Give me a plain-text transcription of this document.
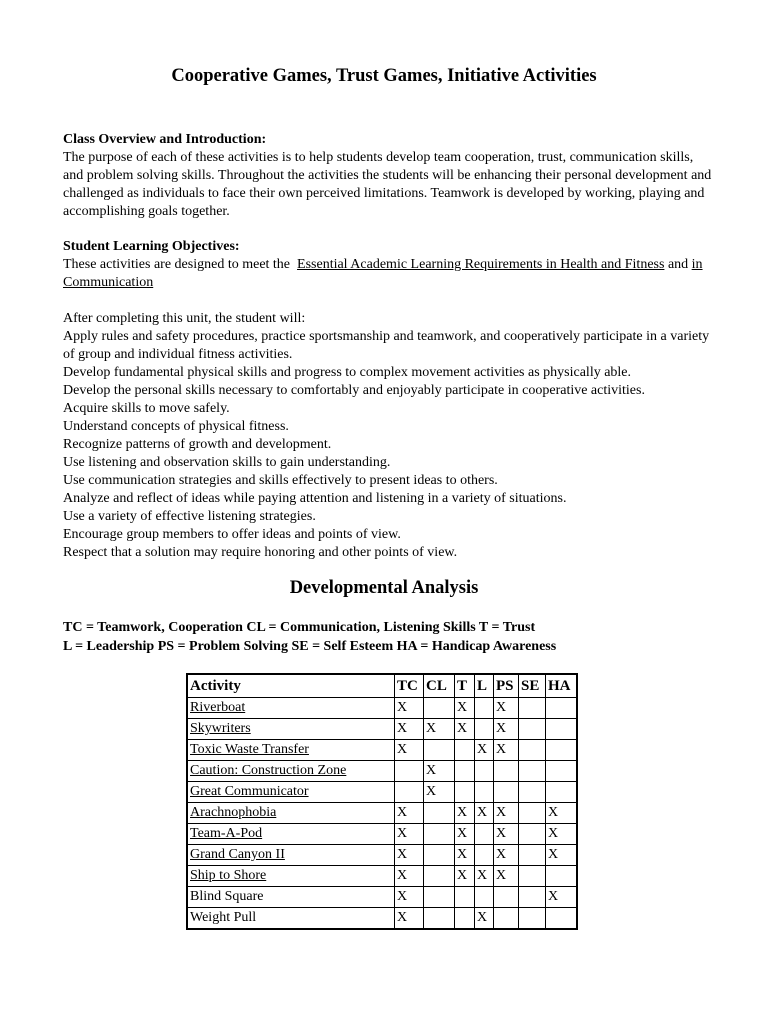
Cooperative Games, Trust Games, Initiative Activities

Class Overview and Introduction:

The purpose of each of these activities is to help students develop team cooperation, trust, communication skills, and problem solving skills. Throughout the activities the students will be enhancing their personal development and challenged as individuals to face their own perceived limitations. Teamwork is developed by working, playing and accomplishing goals together.

Student Learning Objectives:

These activities are designed to meet the Essential Academic Learning Requirements in Health and Fitness and in Communication

After completing this unit, the student will:

Apply rules and safety procedures, practice sportsmanship and teamwork, and cooperatively participate in a variety of group and individual fitness activities.

Develop fundamental physical skills and progress to complex movement activities as physically able.

Develop the personal skills necessary to comfortably and enjoyably participate in cooperative activities.

Acquire skills to move safely.

Understand concepts of physical fitness.

Recognize patterns of growth and development.

Use listening and observation skills to gain understanding.

Use communication strategies and skills effectively to present ideas to others.

Analyze and reflect of ideas while paying attention and listening in a variety of situations.

Use a variety of effective listening strategies.

Encourage group members to offer ideas and points of view.

Respect that a solution may require honoring and other points of view.

Developmental Analysis
TC = Teamwork, Cooperation CL = Communication, Listening Skills T = Trust
L = Leadership PS = Problem Solving SE = Self Esteem HA = Handicap Awareness
Activity	TC	CL	T	L	PS	SE	HA
Riverboat	X		X		X		
Skywriters	X	X	X		X		
Toxic Waste Transfer	X			X	X		
Caution: Construction Zone		X					
Great Communicator		X					
Arachnophobia	X		X	X	X		X
Team-A-Pod	X		X		X		X
Grand Canyon II	X		X		X		X
Ship to Shore	X		X	X	X		
Blind Square	X						X
Weight Pull	X			X			
